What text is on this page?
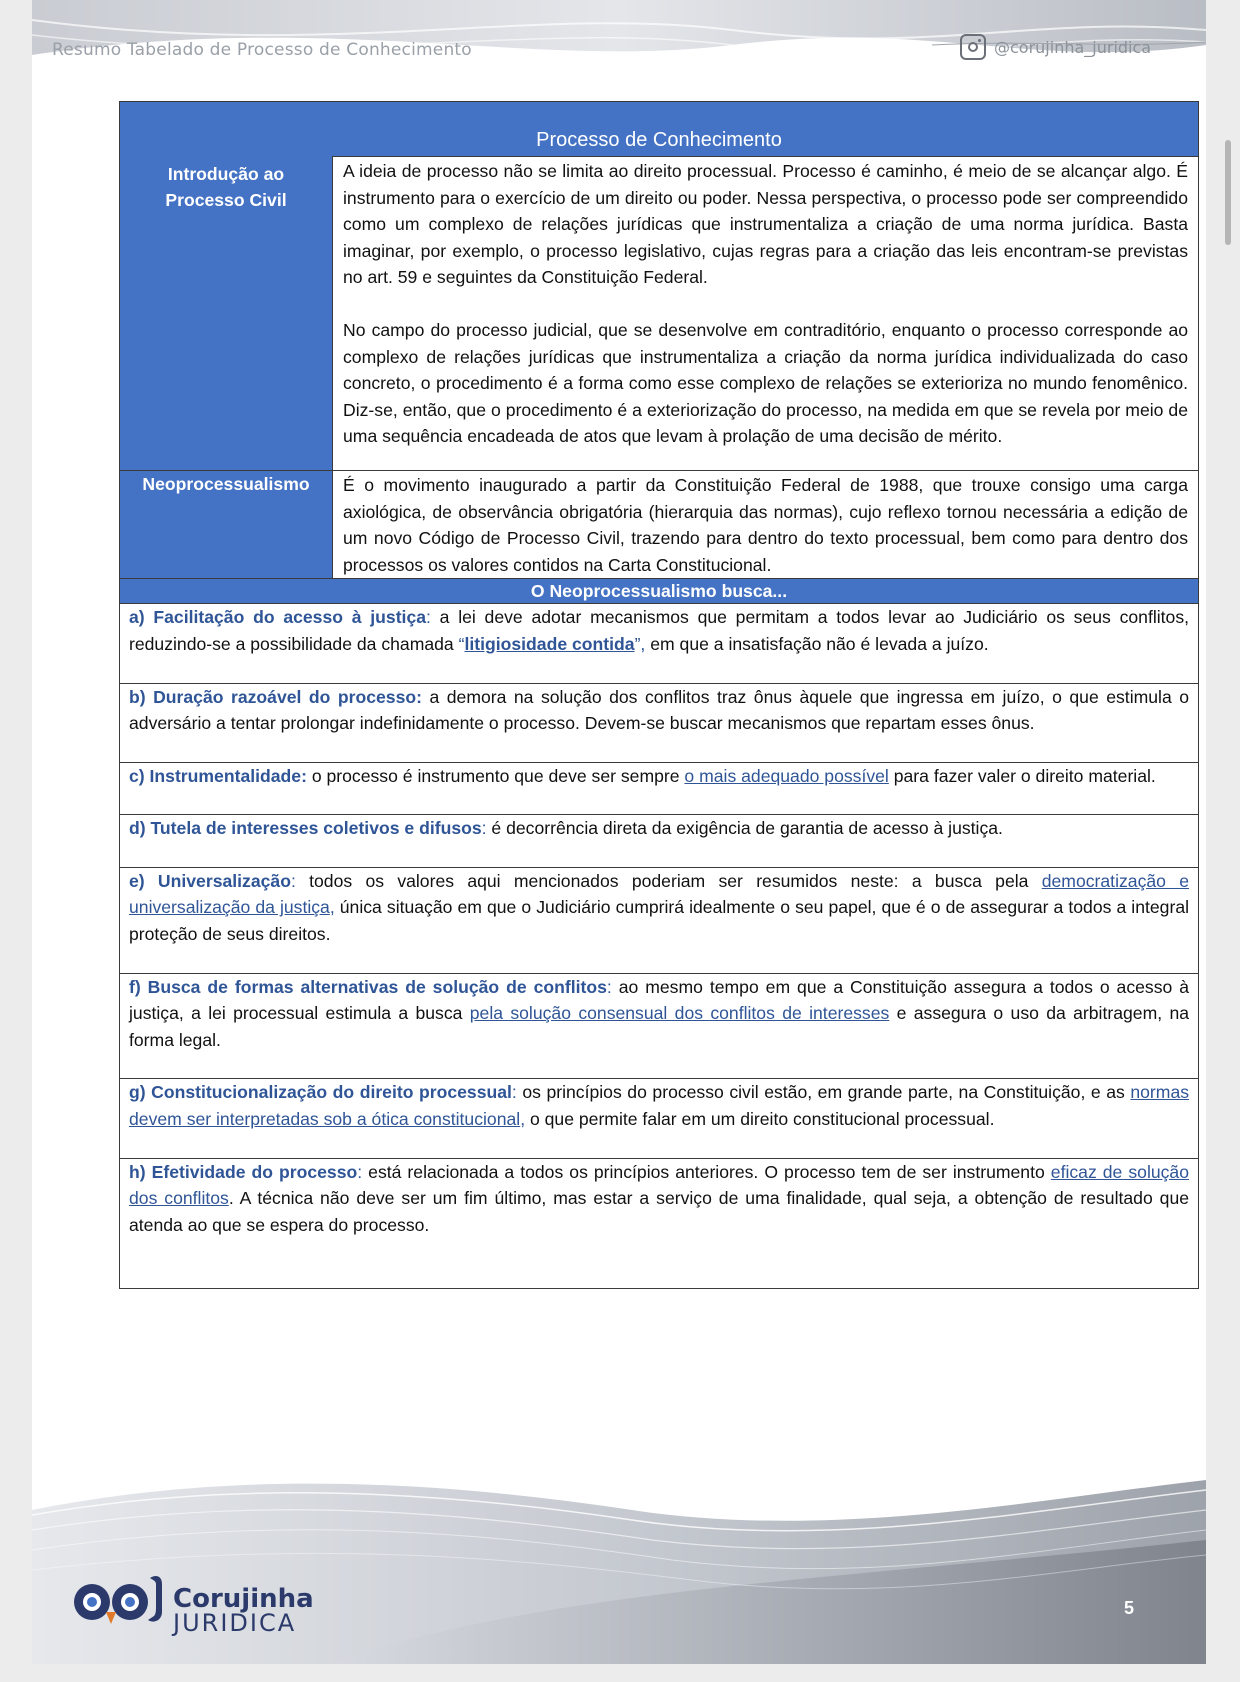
Resumo Tabelado de Processo de Conhecimento	@corujinha_juridica
Processo de Conhecimento	
Introdução ao Processo Civil	A ideia de processo não se limita ao direito processual. Processo é caminho, é meio de se alcançar algo. É instrumento para o exercício de um direito ou poder. Nessa perspectiva, o processo pode ser compreendido como um complexo de relações jurídicas que instrumentaliza a criação de uma norma jurídica. Basta imaginar, por exemplo, o processo legislativo, cujas regras para a criação das leis encontram-se previstas no art. 59 e seguintes da Constituição Federal.

No campo do processo judicial, que se desenvolve em contraditório, enquanto o processo corresponde ao complexo de relações jurídicas que instrumentaliza a criação da norma jurídica individualizada do caso concreto, o procedimento é a forma como esse complexo de relações se exterioriza no mundo fenomênico. Diz-se, então, que o procedimento é a exteriorização do processo, na medida em que se revela por meio de uma sequência encadeada de atos que levam à prolação de uma decisão de mérito.

Neoprocessualismo	É o movimento inaugurado a partir da Constituição Federal de 1988, que trouxe consigo uma carga axiológica, de observância obrigatória (hierarquia das normas), cujo reflexo tornou necessária a edição de um novo Código de Processo Civil, trazendo para dentro do texto processual, bem como para dentro dos processos os valores contidos na Carta Constitucional.

O Neoprocessualismo busca...	
a) Facilitação do acesso à justiça: a lei deve adotar mecanismos que permitam a todos levar ao Judiciário os seus conflitos, reduzindo-se a possibilidade da chamada “litigiosidade contida”, em que a insatisfação não é levada a juízo.	
b) Duração razoável do processo: a demora na solução dos conflitos traz ônus àquele que ingressa em juízo, o que estimula o adversário a tentar prolongar indefinidamente o processo. Devem-se buscar mecanismos que repartam esses ônus.	
c) Instrumentalidade: o processo é instrumento que deve ser sempre o mais adequado possível para fazer valer o direito material.	
d) Tutela de interesses coletivos e difusos: é decorrência direta da exigência de garantia de acesso à justiça.	
e) Universalização: todos os valores aqui mencionados poderiam ser resumidos neste: a busca pela democratização e universalização da justiça, única situação em que o Judiciário cumprirá idealmente o seu papel, que é o de assegurar a todos a integral proteção de seus direitos.	
f) Busca de formas alternativas de solução de conflitos: ao mesmo tempo em que a Constituição assegura a todos o acesso à justiça, a lei processual estimula a busca pela solução consensual dos conflitos de interesses e assegura o uso da arbitragem, na forma legal.	
g) Constitucionalização do direito processual: os princípios do processo civil estão, em grande parte, na Constituição, e as normas devem ser interpretadas sob a ótica constitucional, o que permite falar em um direito constitucional processual.	
h) Efetividade do processo: está relacionada a todos os princípios anteriores. O processo tem de ser instrumento eficaz de solução dos conflitos. A técnica não deve ser um fim último, mas estar a serviço de uma finalidade, qual seja, a obtenção de resultado que atenda ao que se espera do processo.	
Corujinha
JURIDICA
5
